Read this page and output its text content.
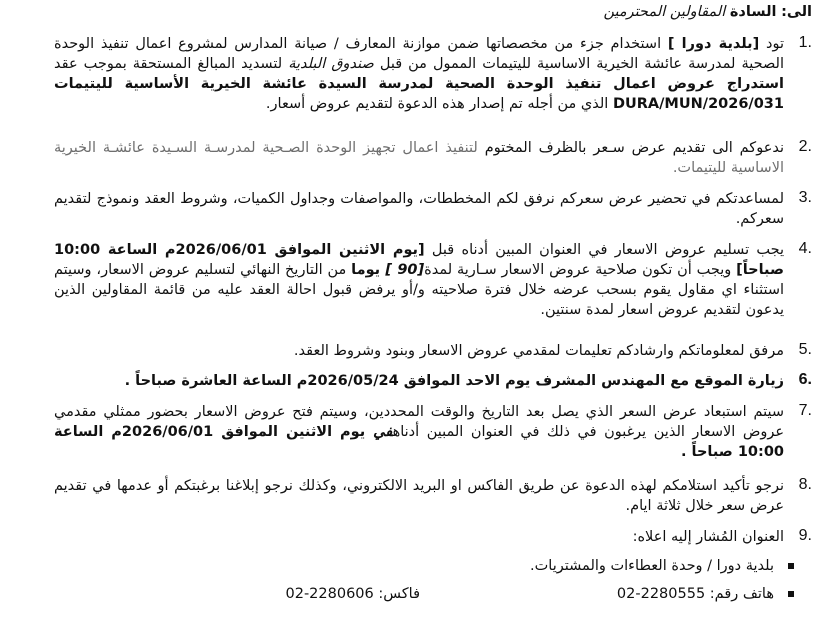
الى: السادة المقاولين المحترمين
1.
تود [بلدية دورا ] استخدام جزء من مخصصاتها ضمن موازنة المعارف / صيانة المدارس لمشروع اعمال تنفيذ الوحدة الصحية لمدرسة عائشة الخيرية الاساسية لليتيمات الممول من قبل صندوق البلدية لتسديد المبالغ المستحقة بموجب عقد استدراج عروض اعمال تنفيذ الوحدة الصحية لمدرسة السيدة عائشة الخيرية الأساسية لليتيمات DURA/MUN/2026/031 الذي من أجله تم إصدار هذه الدعوة لتقديم عروض أسعار.
2.
ندعوكم الى تقديم عرض سـعر بالظرف المختوم لتنفيذ اعمال تجهيز الوحدة الصـحية لمدرسـة السـيدة عائشـة الخيرية الاساسية لليتيمات.
3.
لمساعدتكم في تحضير عرض سعركم نرفق لكم المخططات، والمواصفات وجداول الكميات، وشروط العقد ونموذج لتقديم سعركم.
4.
يجب تسليم عروض الاسعار في العنوان المبين أدناه قبل [يوم الاثنين الموافق 2026/06/01م الساعة 10:00 صباحاً] ويجب أن تكون صلاحية عروض الاسعار سـارية لمدة[90 ] يوما من التاريخ النهائي لتسليم عروض الاسعار، وسيتم استثناء اي مقاول يقوم بسحب عرضه خلال فترة صلاحيته و/أو يرفض قبول احالة العقد عليه من قائمة المقاولين الذين يدعون لتقديم عروض اسعار لمدة سنتين.
5.
مرفق لمعلوماتكم وارشادكم تعليمات لمقدمي عروض الاسعار وبنود وشروط العقد.
6.
زيارة الموقع مع المهندس المشرف يوم الاحد الموافق 2026/05/24م الساعة العاشرة صباحاً .
7.
سيتم استبعاد عرض السعر الذي يصل بعد التاريخ والوقت المحددين، وسيتم فتح عروض الاسعار بحضور ممثلي مقدمي عروض الاسعار الذين يرغبون في ذلك في العنوان المبين أدناهفي يوم الاثنين الموافق 2026/06/01م الساعة 10:00 صباحاً .
8.
نرجو تأكيد استلامكم لهذه الدعوة عن طريق الفاكس او البريد الالكتروني، وكذلك نرجو إبلاغنا برغبتكم أو عدمها في تقديم عرض سعر خلال ثلاثة ايام.
9.
العنوان المُشار إليه اعلاه:
بلدية دورا / وحدة العطاءات والمشتريات.
هاتف رقم: 02-2280555
فاكس: 02-2280606
